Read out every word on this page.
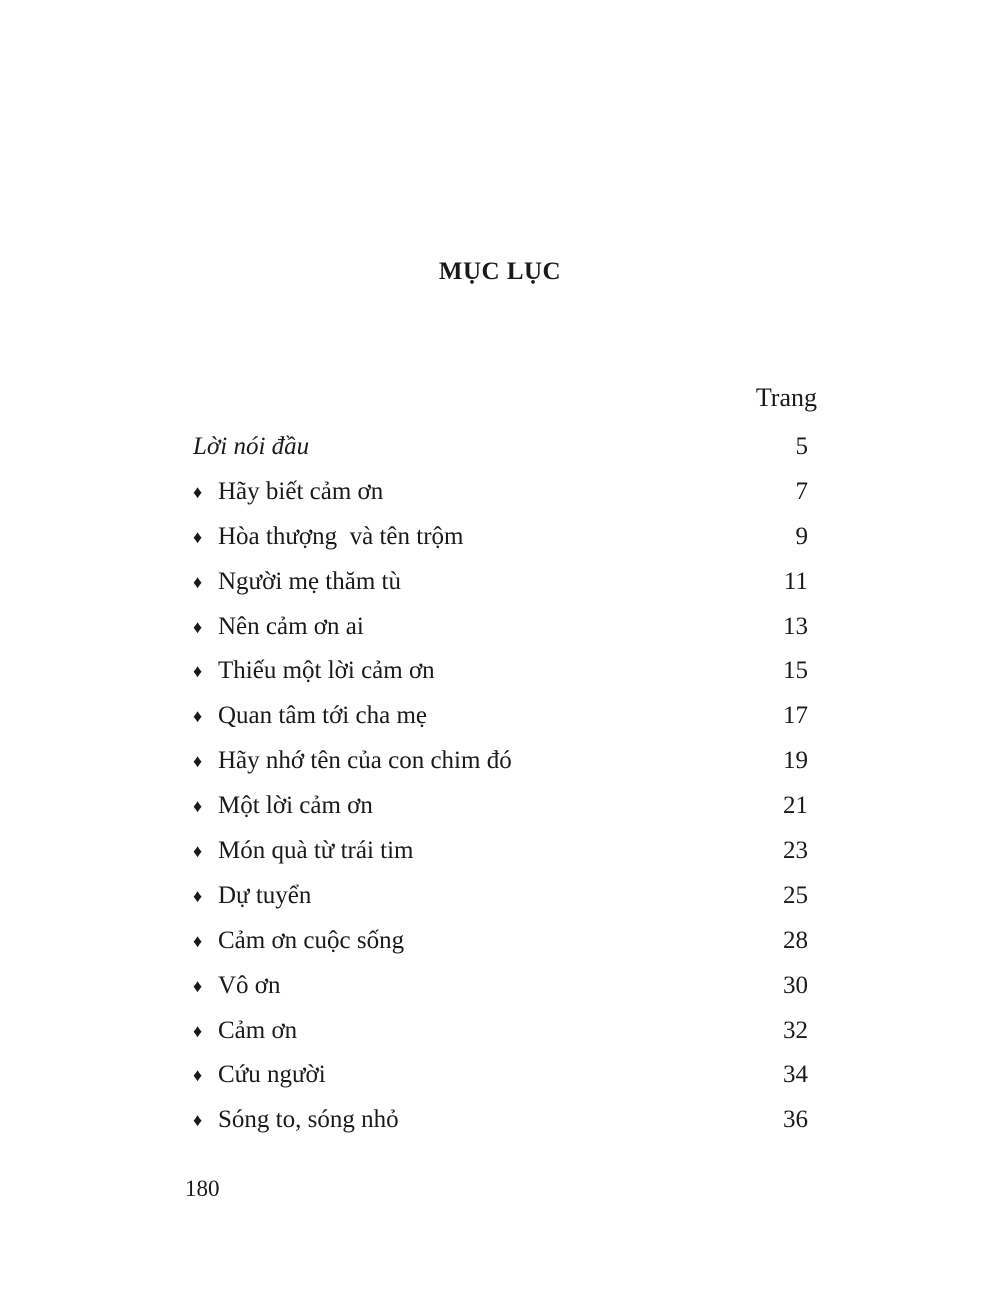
MỤC LỤC
Trang
Lời nói đầu	5
♦ Hãy biết cảm ơn	7
♦ Hòa thượng  và tên trộm	9
♦ Người mẹ thăm tù	11
♦ Nên cảm ơn ai	13
♦ Thiếu một lời cảm ơn	15
♦ Quan tâm tới cha mẹ	17
♦ Hãy nhớ tên của con chim đó	19
♦ Một lời cảm ơn	21
♦ Món quà từ trái tim	23
♦ Dự tuyển	25
♦ Cảm ơn cuộc sống	28
♦ Vô ơn	30
♦ Cảm ơn	32
♦ Cứu người	34
♦ Sóng to, sóng nhỏ	36
180
